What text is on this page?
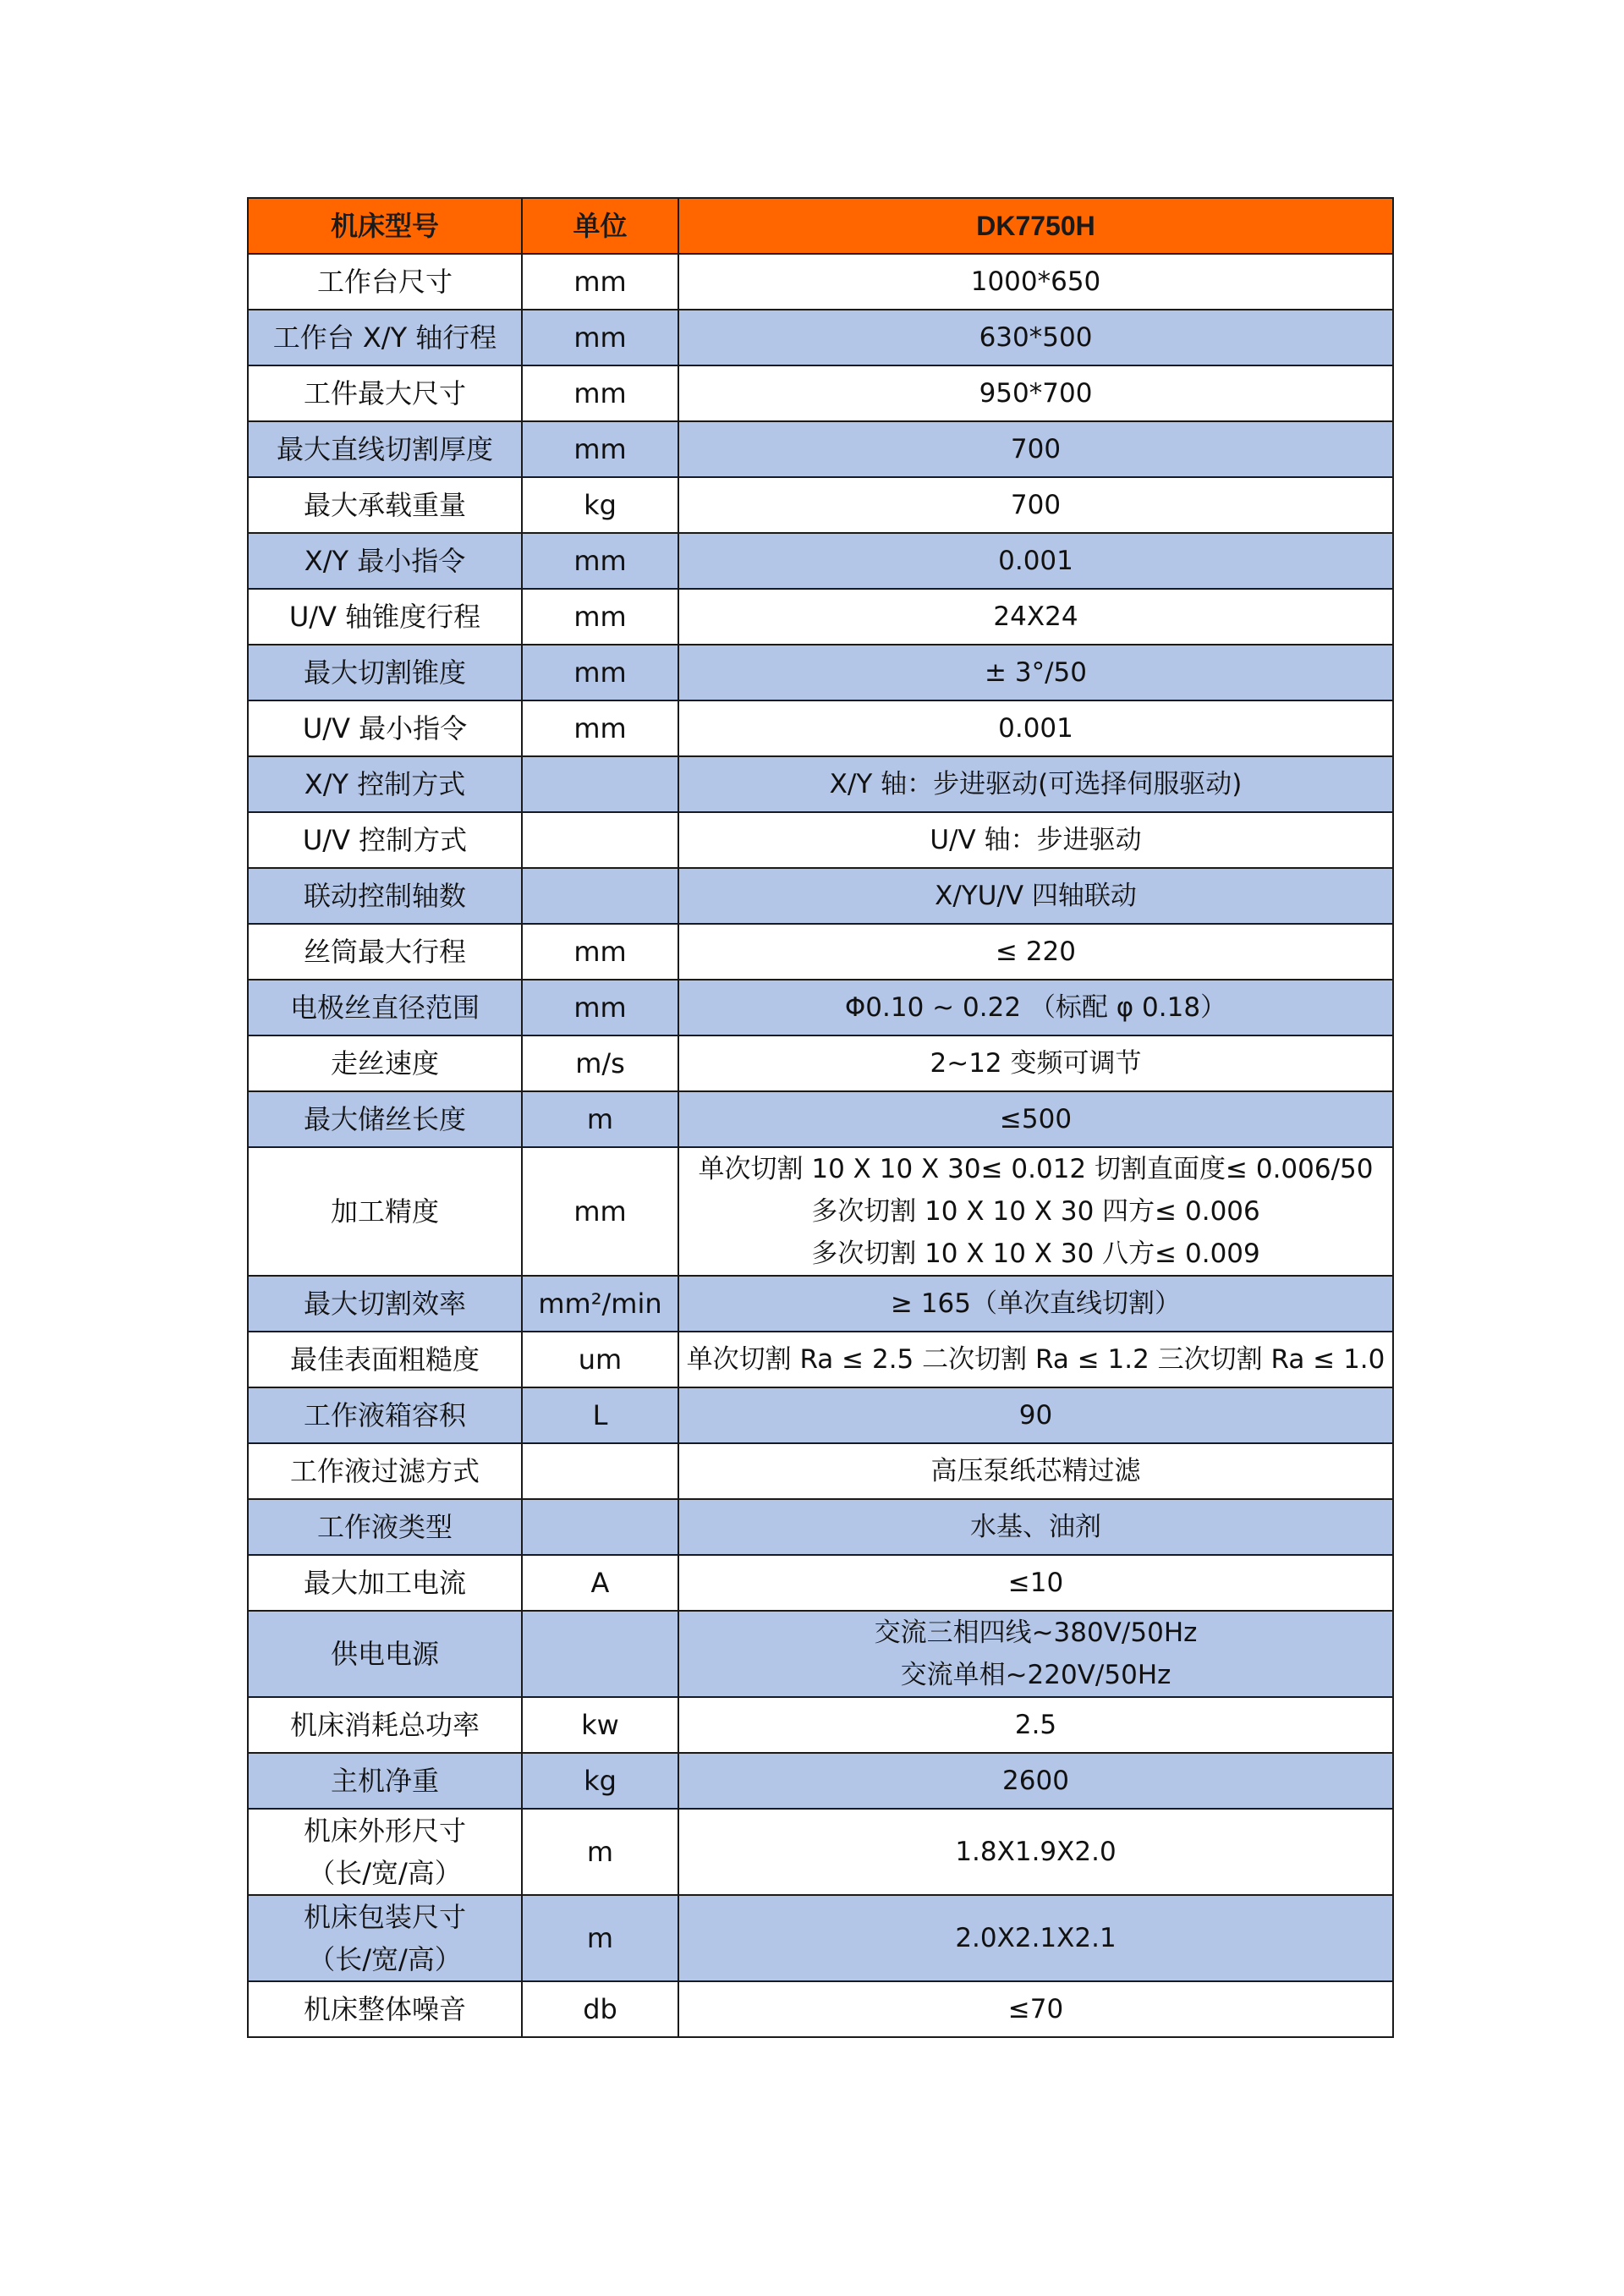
机床型号	单位	DK7750H
工作台尺寸	mm	1000*650

工作台 X/Y 轴行程	mm	630*500

工件最大尺寸	mm	950*700

最大直线切割厚度	mm	700

最大承载重量	kg	700

X/Y 最小指令	mm	0.001

U/V 轴锥度行程	mm	24X24

最大切割锥度	mm	± 3°/50

U/V 最小指令	mm	0.001

X/Y 控制方式		X/Y 轴：步进驱动(可选择伺服驱动)

U/V 控制方式		U/V 轴：步进驱动

联动控制轴数		X/YU/V 四轴联动

丝筒最大行程	mm	≤ 220

电极丝直径范围	mm	Φ0.10 ~ 0.22 （标配 φ 0.18）

走丝速度	m/s	2~12 变频可调节

最大储丝长度	m	≤500

加工精度	mm	单次切割 10 X 10 X 30≤ 0.012 切割直面度≤ 0.006/50
多次切割 10 X 10 X 30 四方≤ 0.006
多次切割 10 X 10 X 30 八方≤ 0.009

最大切割效率	mm²/min	≥ 165（单次直线切割）

最佳表面粗糙度	um	单次切割 Ra ≤ 2.5 二次切割 Ra ≤ 1.2 三次切割 Ra ≤ 1.0

工作液箱容积	L	90

工作液过滤方式		高压泵纸芯精过滤

工作液类型		水基、油剂

最大加工电流	A	≤10

供电电源		交流三相四线~380V/50Hz
交流单相~220V/50Hz

机床消耗总功率	kw	2.5

主机净重	kg	2600

机床外形尺寸
（长/宽/高）	m	1.8X1.9X2.0

机床包装尺寸
（长/宽/高）	m	2.0X2.1X2.1

机床整体噪音	db	≤70
